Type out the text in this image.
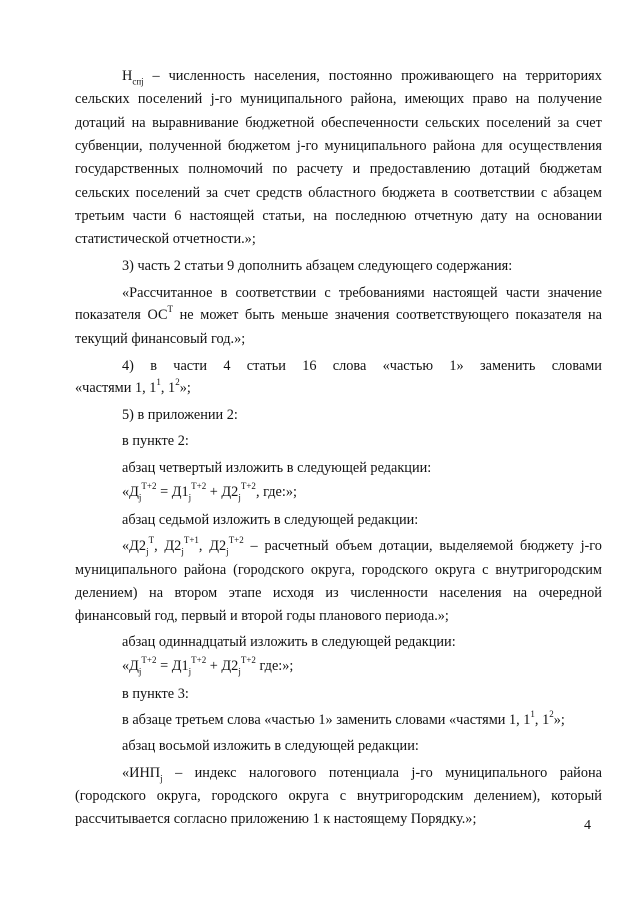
$Н_{спj}$ – численность населения, постоянно проживающего на территориях
сельских поселений j-го муниципального района, имеющих право на получение
дотаций на выравнивание бюджетной обеспеченности сельских поселений за счет
субвенции, полученной бюджетом j-го муниципального района для осуществления
государственных полномочий по расчету и предоставлению дотаций бюджетам
сельских поселений за счет средств областного бюджета в соответствии с абзацем
третьим части 6 настоящей статьи, на последнюю отчетную дату на основании
статистической отчетности.»;
3) часть 2 статьи 9 дополнить абзацем следующего содержания:
«Рассчитанное в соответствии с требованиями настоящей части значение
показателя $ОС^Т$ не может быть меньше значения соответствующего показателя на
текущий финансовый год.»;
4) в части 4 статьи 16 слова «частью 1» заменить словами
«частями 1, $1^1$, $1^2$»;
5) в приложении 2:
в пункте 2:
абзац четвертый изложить в следующей редакции:
«$Д_j^{Т+2} = Д1_j^{Т+2} + Д2_j^{Т+2}$, где:»;
абзац седьмой изложить в следующей редакции:
«$Д2_j^Т$, $Д2_j^{Т+1}$, $Д2_j^{Т+2}$ – расчетный объем дотации, выделяемой бюджету j-го
муниципального района (городского округа, городского округа с внутригородским
делением) на втором этапе исходя из численности населения на очередной
финансовый год, первый и второй годы планового периода.»;
абзац одиннадцатый изложить в следующей редакции:
«$Д_j^{Т+2} = Д1_j^{Т+2} + Д2_j^{Т+2}$ где:»;
в пункте 3:
в абзаце третьем слова «частью 1» заменить словами «частями 1, $1^1$, $1^2$»;
абзац восьмой изложить в следующей редакции:
«$ИНП_j$ – индекс налогового потенциала j-го муниципального района
(городского округа, городского округа с внутригородским делением), который
рассчитывается согласно приложению 1 к настоящему Порядку.»;	4
